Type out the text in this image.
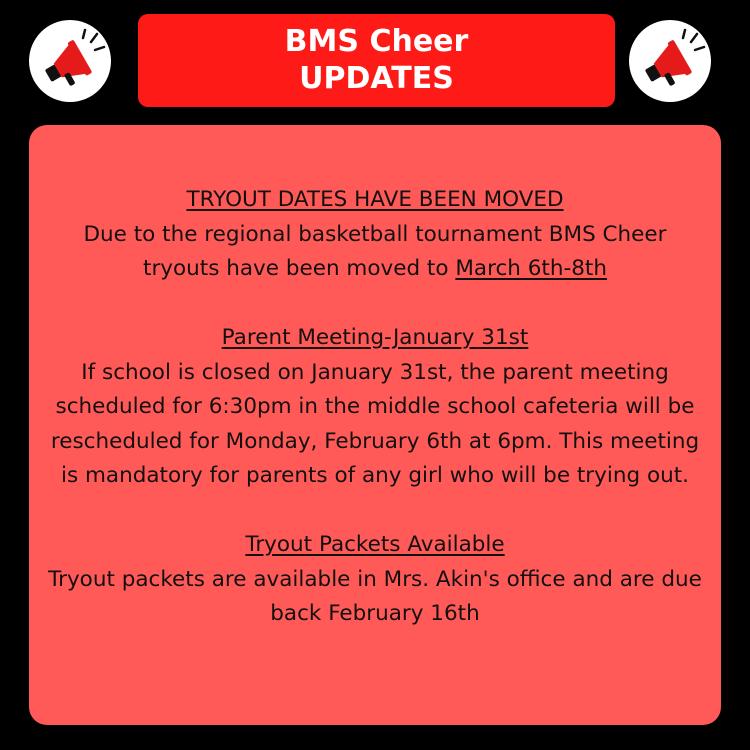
BMS Cheer
UPDATES

TRYOUT DATES HAVE BEEN MOVED

Due to the regional basketball tournament BMS Cheer tryouts have been moved to March 6th-8th

Parent Meeting-January 31st

If school is closed on January 31st, the parent meeting scheduled for 6:30pm in the middle school cafeteria will be rescheduled for Monday, February 6th at 6pm. This meeting is mandatory for parents of any girl who will be trying out.

Tryout Packets Available

Tryout packets are available in Mrs. Akin's office and are due back February 16th
